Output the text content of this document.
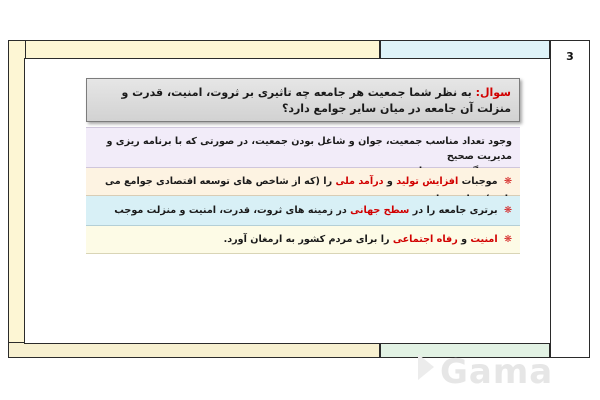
3
سوال: به نظر شما جمعیت هر جامعه چه تاثیری بر ثروت، امنیت، قدرت و منزلت آن جامعه در میان سایر جوامع دارد؟
وجود تعداد مناسب جمعیت، جوان و شاغل بودن جمعیت، در صورتی که با برنامه ریزی و مدیریت صحیح
❋ موجبات افزایش تولید و درآمد ملی را (که از شاخص های توسعه اقتصادی جوامع می
❋ برتری جامعه را در سطح جهانی در زمینه های ثروت، قدرت، امنیت و منزلت موجب
❋ امنیت و رفاه اجتماعی را برای مردم کشور به ارمغان آورد.
Gama
